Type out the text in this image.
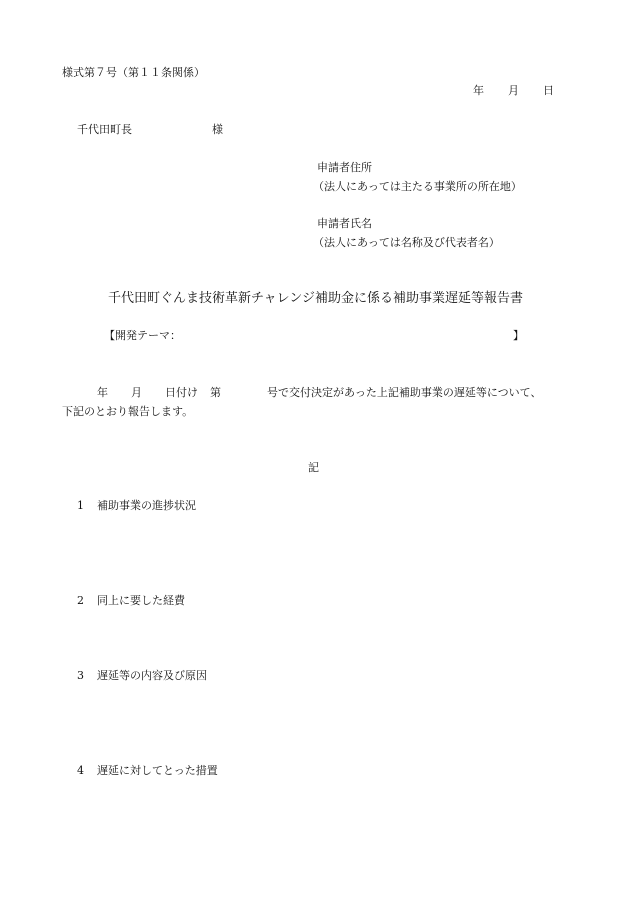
様式第７号（第１１条関係）
年 月 日
千代田町長	様
申請者住所
（法人にあっては主たる事業所の所在地）
申請者氏名
（法人にあっては名称及び代表者名）
千代田町ぐんま技術革新チャレンジ補助金に係る補助事業遅延等報告書
【開発テーマ：	】
年 月 日付け 第	号で交付決定があった上記補助事業の遅延等について、
下記のとおり報告します。
記
1 補助事業の進捗状況
2 同上に要した経費
3 遅延等の内容及び原因
4 遅延に対してとった措置
